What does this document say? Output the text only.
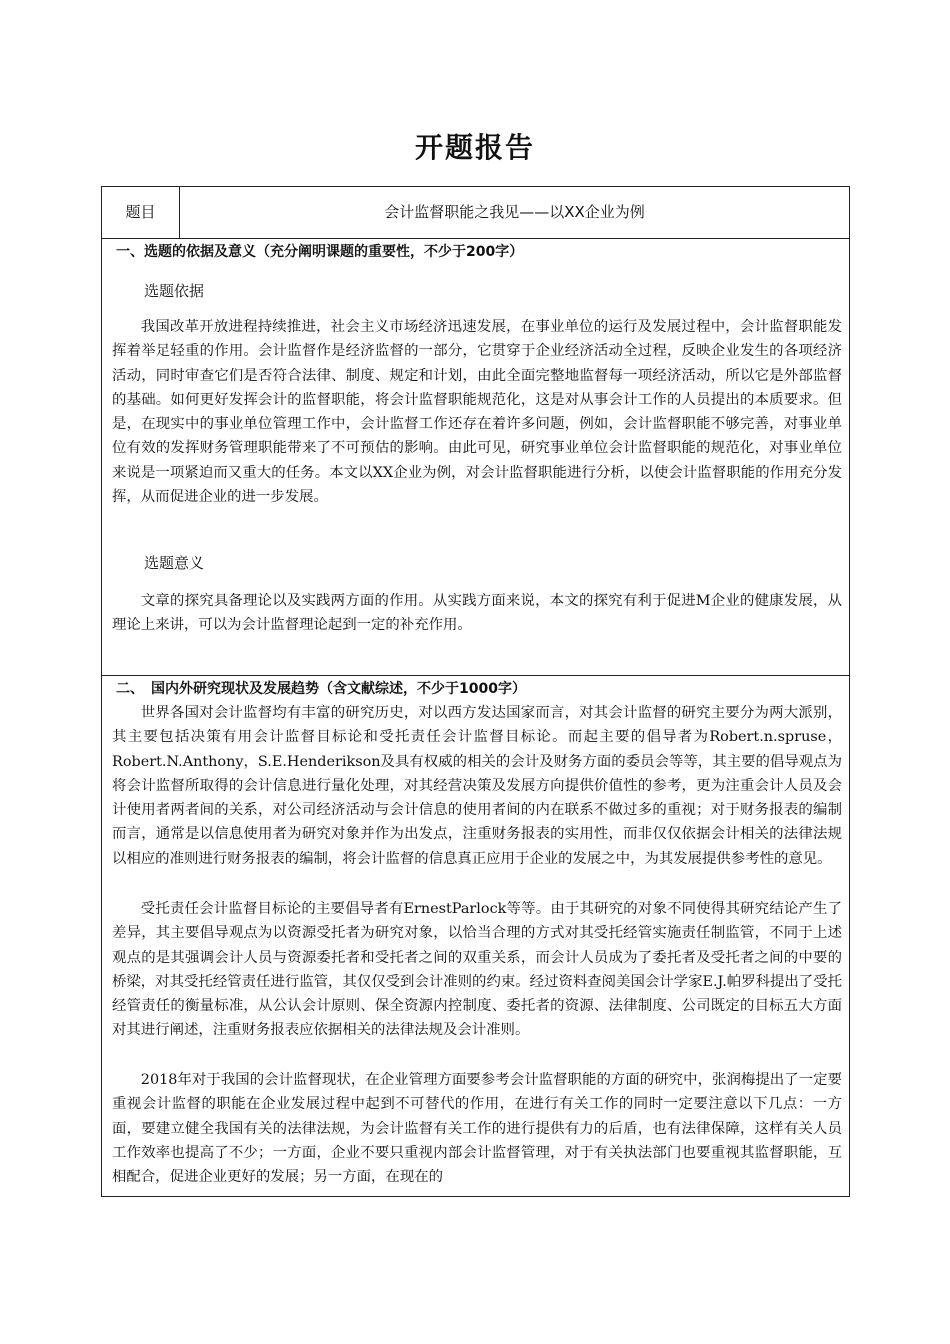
开题报告
题目	会计监督职能之我见——以XX企业为例
一、选题的依据及意义（充分阐明课题的重要性，不少于200字）
选题依据

我国改革开放进程持续推进，社会主义市场经济迅速发展，在事业单位的运行及发展过程中，会计监督职能发挥着举足轻重的作用。会计监督作是经济监督的一部分，它贯穿于企业经济活动全过程，反映企业发生的各项经济活动，同时审查它们是否符合法律、制度、规定和计划，由此全面完整地监督每一项经济活动，所以它是外部监督的基础。如何更好发挥会计的监督职能，将会计监督职能规范化，这是对从事会计工作的人员提出的本质要求。但是，在现实中的事业单位管理工作中，会计监督工作还存在着许多问题，例如，会计监督职能不够完善，对事业单位有效的发挥财务管理职能带来了不可预估的影响。由此可见，研究事业单位会计监督职能的规范化，对事业单位来说是一项紧迫而又重大的任务。本文以XX企业为例，对会计监督职能进行分析，以使会计监督职能的作用充分发挥，从而促进企业的进一步发展。

选题意义

文章的探究具备理论以及实践两方面的作用。从实践方面来说，本文的探究有利于促进M企业的健康发展，从理论上来讲，可以为会计监督理论起到一定的补充作用。

二、　国内外研究现状及发展趋势（含文献综述，不少于1000字）

世界各国对会计监督均有丰富的研究历史，对以西方发达国家而言，对其会计监督的研究主要分为两大派别，其主要包括决策有用会计监督目标论和受托责任会计监督目标论。而起主要的倡导者为Robert.n.spruse，Robert.N.Anthony，S.E.Henderikson及具有权威的相关的会计及财务方面的委员会等等，其主要的倡导观点为将会计监督所取得的会计信息进行量化处理，对其经营决策及发展方向提供价值性的参考，更为注重会计人员及会计使用者两者间的关系，对公司经济活动与会计信息的使用者间的内在联系不做过多的重视；对于财务报表的编制而言，通常是以信息使用者为研究对象并作为出发点，注重财务报表的实用性，而非仅仅依据会计相关的法律法规以相应的准则进行财务报表的编制，将会计监督的信息真正应用于企业的发展之中，为其发展提供参考性的意见。

受托责任会计监督目标论的主要倡导者有ErnestParlock等等。由于其研究的对象不同使得其研究结论产生了差异，其主要倡导观点为以资源受托者为研究对象，以恰当合理的方式对其受托经管实施责任制监管，不同于上述观点的是其强调会计人员与资源委托者和受托者之间的双重关系，而会计人员成为了委托者及受托者之间的中要的桥梁，对其受托经管责任进行监管，其仅仅受到会计准则的约束。经过资料查阅美国会计学家E.J.帕罗科提出了受托经管责任的衡量标准，从公认会计原则、保全资源内控制度、委托者的资源、法律制度、公司既定的目标五大方面对其进行阐述，注重财务报表应依据相关的法律法规及会计准则。

2018年对于我国的会计监督现状，在企业管理方面要参考会计监督职能的方面的研究中，张润梅提出了一定要重视会计监督的职能在企业发展过程中起到不可替代的作用，在进行有关工作的同时一定要注意以下几点：一方面，要建立健全我国有关的法律法规，为会计监督有关工作的进行提供有力的后盾，也有法律保障，这样有关人员工作效率也提高了不少；一方面，企业不要只重视内部会计监督管理，对于有关执法部门也要重视其监督职能，互相配合，促进企业更好的发展；另一方面，在现在的
